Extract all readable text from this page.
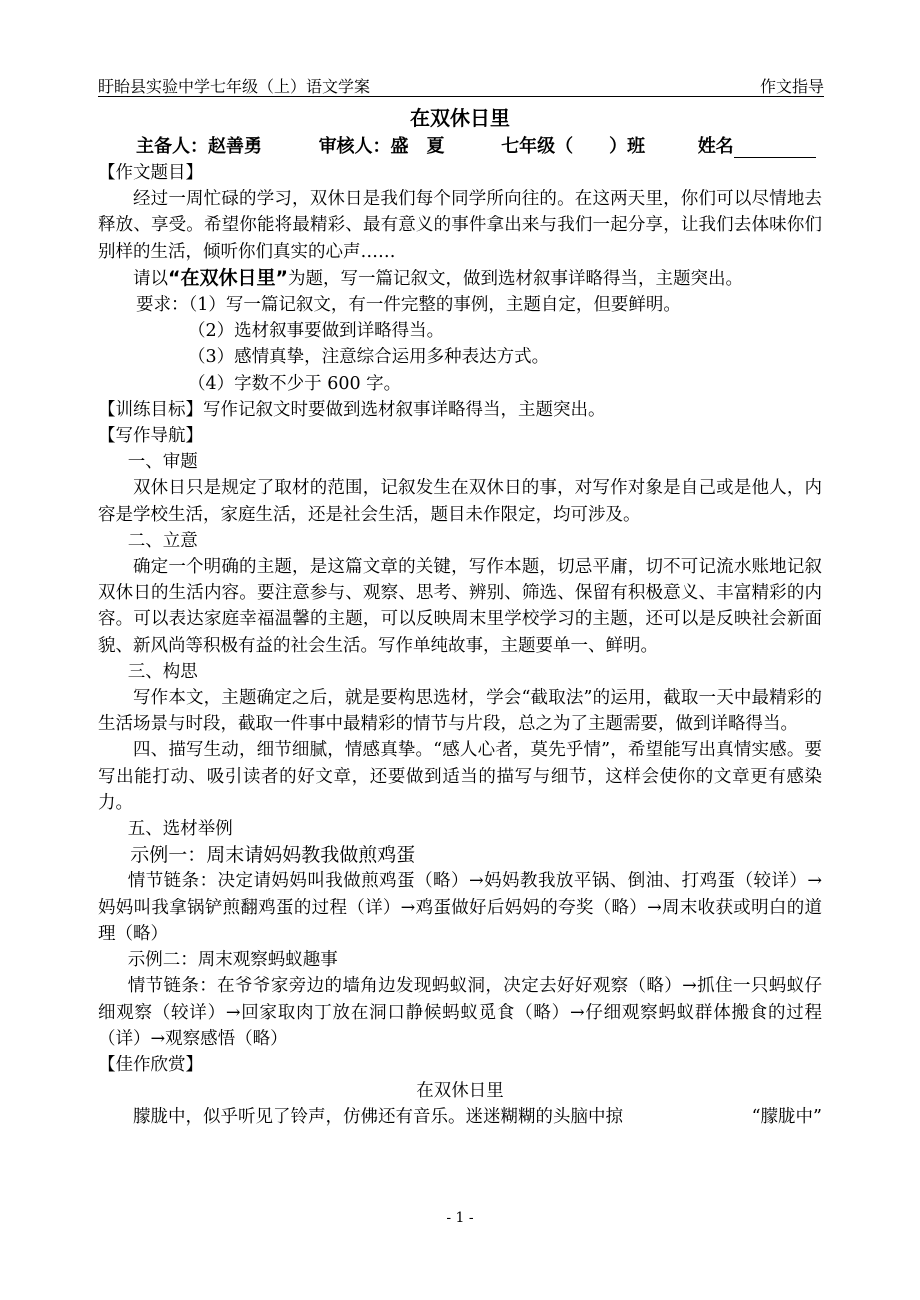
盱眙县实验中学七年级（上）语文学案	作文指导
在双休日里
主备人：赵善勇	审核人：盛　夏	七年级（　　）班	姓名

【作文题目】

经过一周忙碌的学习，双休日是我们每个同学所向往的。在这两天里，你们可以尽情地去释放、享受。希望你能将最精彩、最有意义的事件拿出来与我们一起分享，让我们去体味你们别样的生活，倾听你们真实的心声……

请以“在双休日里”为题，写一篇记叙文，做到选材叙事详略得当，主题突出。

要求：（1）写一篇记叙文，有一件完整的事例，主题自定，但要鲜明。

（2）选材叙事要做到详略得当。

（3）感情真挚，注意综合运用多种表达方式。

（4）字数不少于 600 字。

【训练目标】写作记叙文时要做到选材叙事详略得当，主题突出。

【写作导航】

一、审题

双休日只是规定了取材的范围，记叙发生在双休日的事，对写作对象是自己或是他人，内容是学校生活，家庭生活，还是社会生活，题目未作限定，均可涉及。

二、立意

确定一个明确的主题，是这篇文章的关键，写作本题，切忌平庸，切不可记流水账地记叙双休日的生活内容。要注意参与、观察、思考、辨别、筛选、保留有积极意义、丰富精彩的内容。可以表达家庭幸福温馨的主题，可以反映周末里学校学习的主题，还可以是反映社会新面貌、新风尚等积极有益的社会生活。写作单纯故事，主题要单一、鲜明。

三、构思

写作本文，主题确定之后，就是要构思选材，学会“截取法”的运用，截取一天中最精彩的生活场景与时段，截取一件事中最精彩的情节与片段，总之为了主题需要，做到详略得当。

四、描写生动，细节细腻，情感真挚。“感人心者，莫先乎情”，希望能写出真情实感。要写出能打动、吸引读者的好文章，还要做到适当的描写与细节，这样会使你的文章更有感染力。

五、选材举例

示例一：周末请妈妈教我做煎鸡蛋

情节链条：决定请妈妈叫我做煎鸡蛋（略）→妈妈教我放平锅、倒油、打鸡蛋（较详）→妈妈叫我拿锅铲煎翻鸡蛋的过程（详）→鸡蛋做好后妈妈的夸奖（略）→周末收获或明白的道理（略）

示例二：周末观察蚂蚁趣事

情节链条：在爷爷家旁边的墙角边发现蚂蚁洞，决定去好好观察（略）→抓住一只蚂蚁仔细观察（较详）→回家取肉丁放在洞口静候蚂蚁觅食（略）→仔细观察蚂蚁群体搬食的过程（详）→观察感悟（略）

【佳作欣赏】

在双休日里

朦胧中，似乎听见了铃声，仿佛还有音乐。迷迷糊糊的头脑中掠	“朦胧中”

- 1 -
